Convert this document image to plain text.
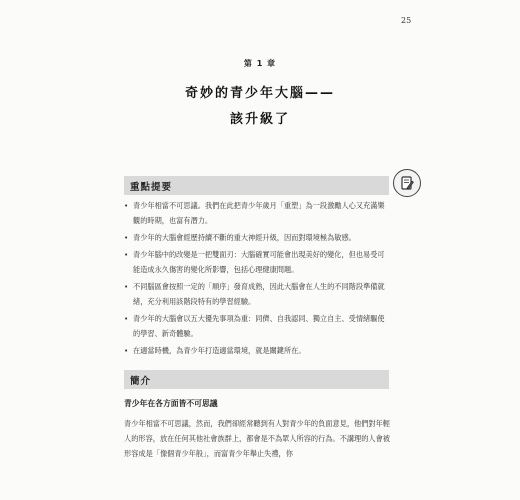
25
第 1 章
奇妙的青少年大腦——
該升級了
重點提要
• 青少年相當不可思議。我們在此把青少年歲月「重塑」為一段激勵人心又充滿樂觀的時期，也富有潛力。
• 青少年的大腦會經歷持續不斷的重大神經升級，因而對環境極為敏感。
• 青少年腦中的改變是一把雙面刃：大腦確實可能會出現美好的變化，但也易受可能造成永久傷害的變化所影響，包括心理健康問題。
• 不同腦區會按照一定的「順序」發育成熟，因此大腦會在人生的不同階段準備就緒，充分利用該階段特有的學習經驗。
• 青少年的大腦會以五大優先事項為重：同儕、自我認同、獨立自主、受情緒驅使的學習、新奇體驗。
• 在適當時機，為青少年打造適當環境，就是關鍵所在。
簡介
青少年在各方面皆不可思議
青少年相當不可思議，然而，我們卻經常聽到有人對青少年的負面意見，他們對年輕人的形容，放在任何其他社會族群上，都會是不為眾人所容的行為。不講理的人會被形容成是「像個青少年般」，而富青少年舉止失禮，你
